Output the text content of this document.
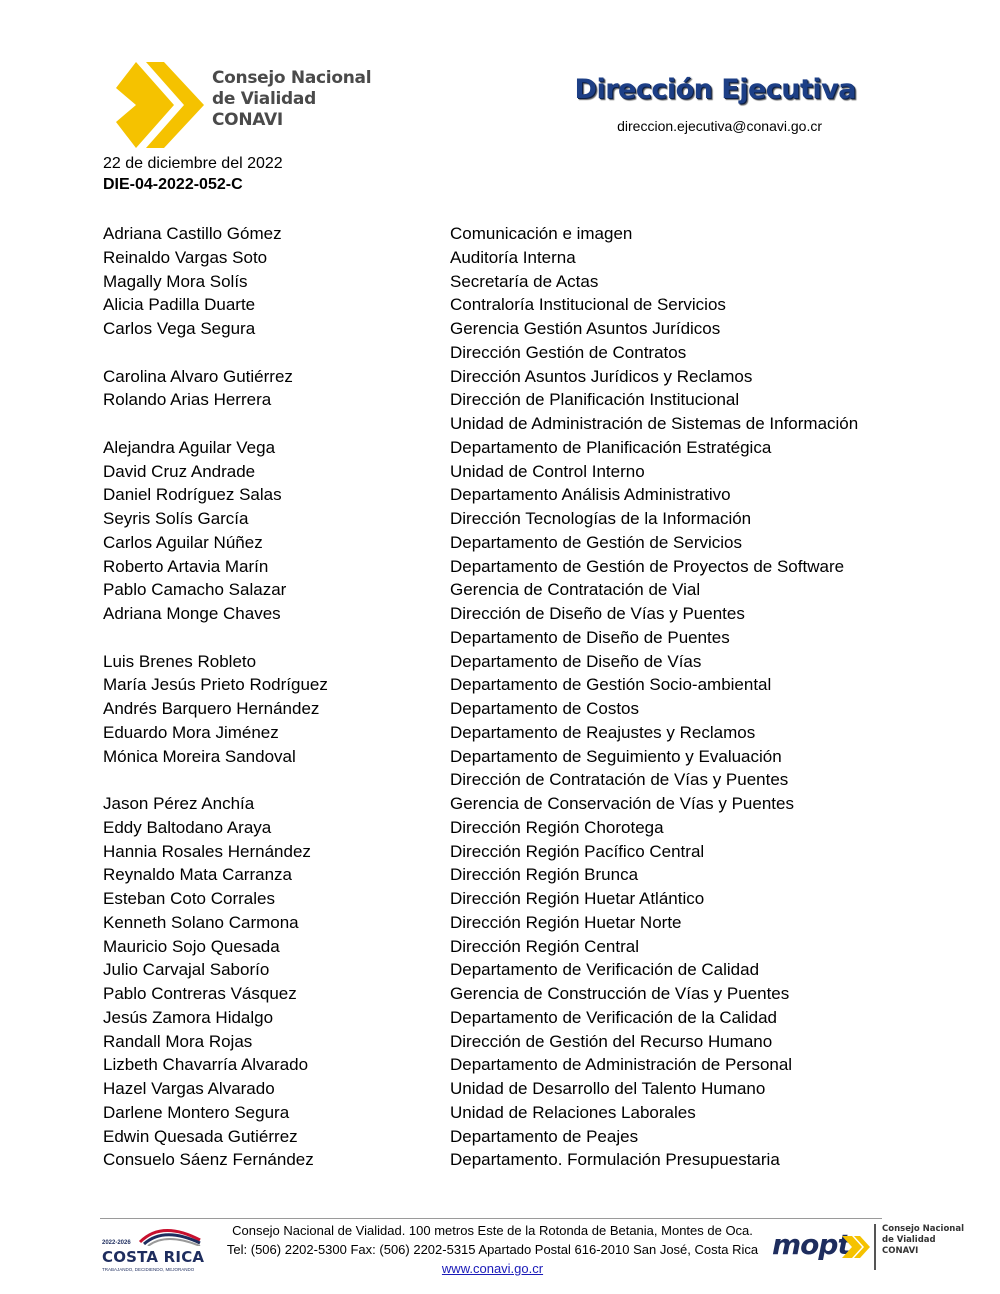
Consejo Nacional
de Vialidad
CONAVI
Dirección Ejecutiva
direccion.ejecutiva@conavi.go.cr
22 de diciembre del 2022
DIE-04-2022-052-C
Adriana Castillo Gómez	Comunicación e imagen
Reinaldo Vargas Soto	Auditoría Interna
Magally Mora Solís	Secretaría de Actas
Alicia Padilla Duarte	Contraloría Institucional de Servicios
Carlos Vega Segura	Gerencia Gestión Asuntos Jurídicos
Dirección Gestión de Contratos
Carolina Alvaro Gutiérrez	Dirección Asuntos Jurídicos y Reclamos
Rolando Arias Herrera	Dirección de Planificación Institucional
Unidad de Administración de Sistemas de Información
Alejandra Aguilar Vega	Departamento de Planificación Estratégica
David Cruz Andrade	Unidad de Control Interno
Daniel Rodríguez Salas	Departamento Análisis Administrativo
Seyris Solís García	Dirección Tecnologías de la Información
Carlos Aguilar Núñez	Departamento de Gestión de Servicios
Roberto Artavia Marín	Departamento de Gestión de Proyectos de Software
Pablo Camacho Salazar	Gerencia de Contratación de Vial
Adriana Monge Chaves	Dirección de Diseño de Vías y Puentes
Departamento de Diseño de Puentes
Luis Brenes Robleto	Departamento de Diseño de Vías
María Jesús Prieto Rodríguez	Departamento de Gestión Socio-ambiental
Andrés Barquero Hernández	Departamento de Costos
Eduardo Mora Jiménez	Departamento de Reajustes y Reclamos
Mónica Moreira Sandoval	Departamento de Seguimiento y Evaluación
Dirección de Contratación de Vías y Puentes
Jason Pérez Anchía	Gerencia de Conservación de Vías y Puentes
Eddy Baltodano Araya	Dirección Región Chorotega
Hannia Rosales Hernández	Dirección Región Pacífico Central
Reynaldo Mata Carranza	Dirección Región Brunca
Esteban Coto Corrales	Dirección Región Huetar Atlántico
Kenneth Solano Carmona	Dirección Región Huetar Norte
Mauricio Sojo Quesada	Dirección Región Central
Julio Carvajal Saborío	Departamento de Verificación de Calidad
Pablo Contreras Vásquez	Gerencia de Construcción de Vías y Puentes
Jesús Zamora Hidalgo	Departamento de Verificación de la Calidad
Randall Mora Rojas	Dirección de Gestión del Recurso Humano
Lizbeth Chavarría Alvarado	Departamento de Administración de Personal
Hazel Vargas Alvarado	Unidad de Desarrollo del Talento Humano
Darlene Montero Segura	Unidad de Relaciones Laborales
Edwin Quesada Gutiérrez	Departamento de Peajes
Consuelo Sáenz Fernández	Departamento. Formulación Presupuestaria
2022-2026
COSTA RICA
TRABAJANDO, DECIDIENDO, MEJORANDO
Consejo Nacional de Vialidad. 100 metros Este de la Rotonda de Betania, Montes de Oca.
Tel: (506) 2202-5300 Fax: (506) 2202-5315 Apartado Postal 616-2010 San José, Costa Rica
www.conavi.go.cr
mopt	Consejo Nacional
de Vialidad
CONAVI
